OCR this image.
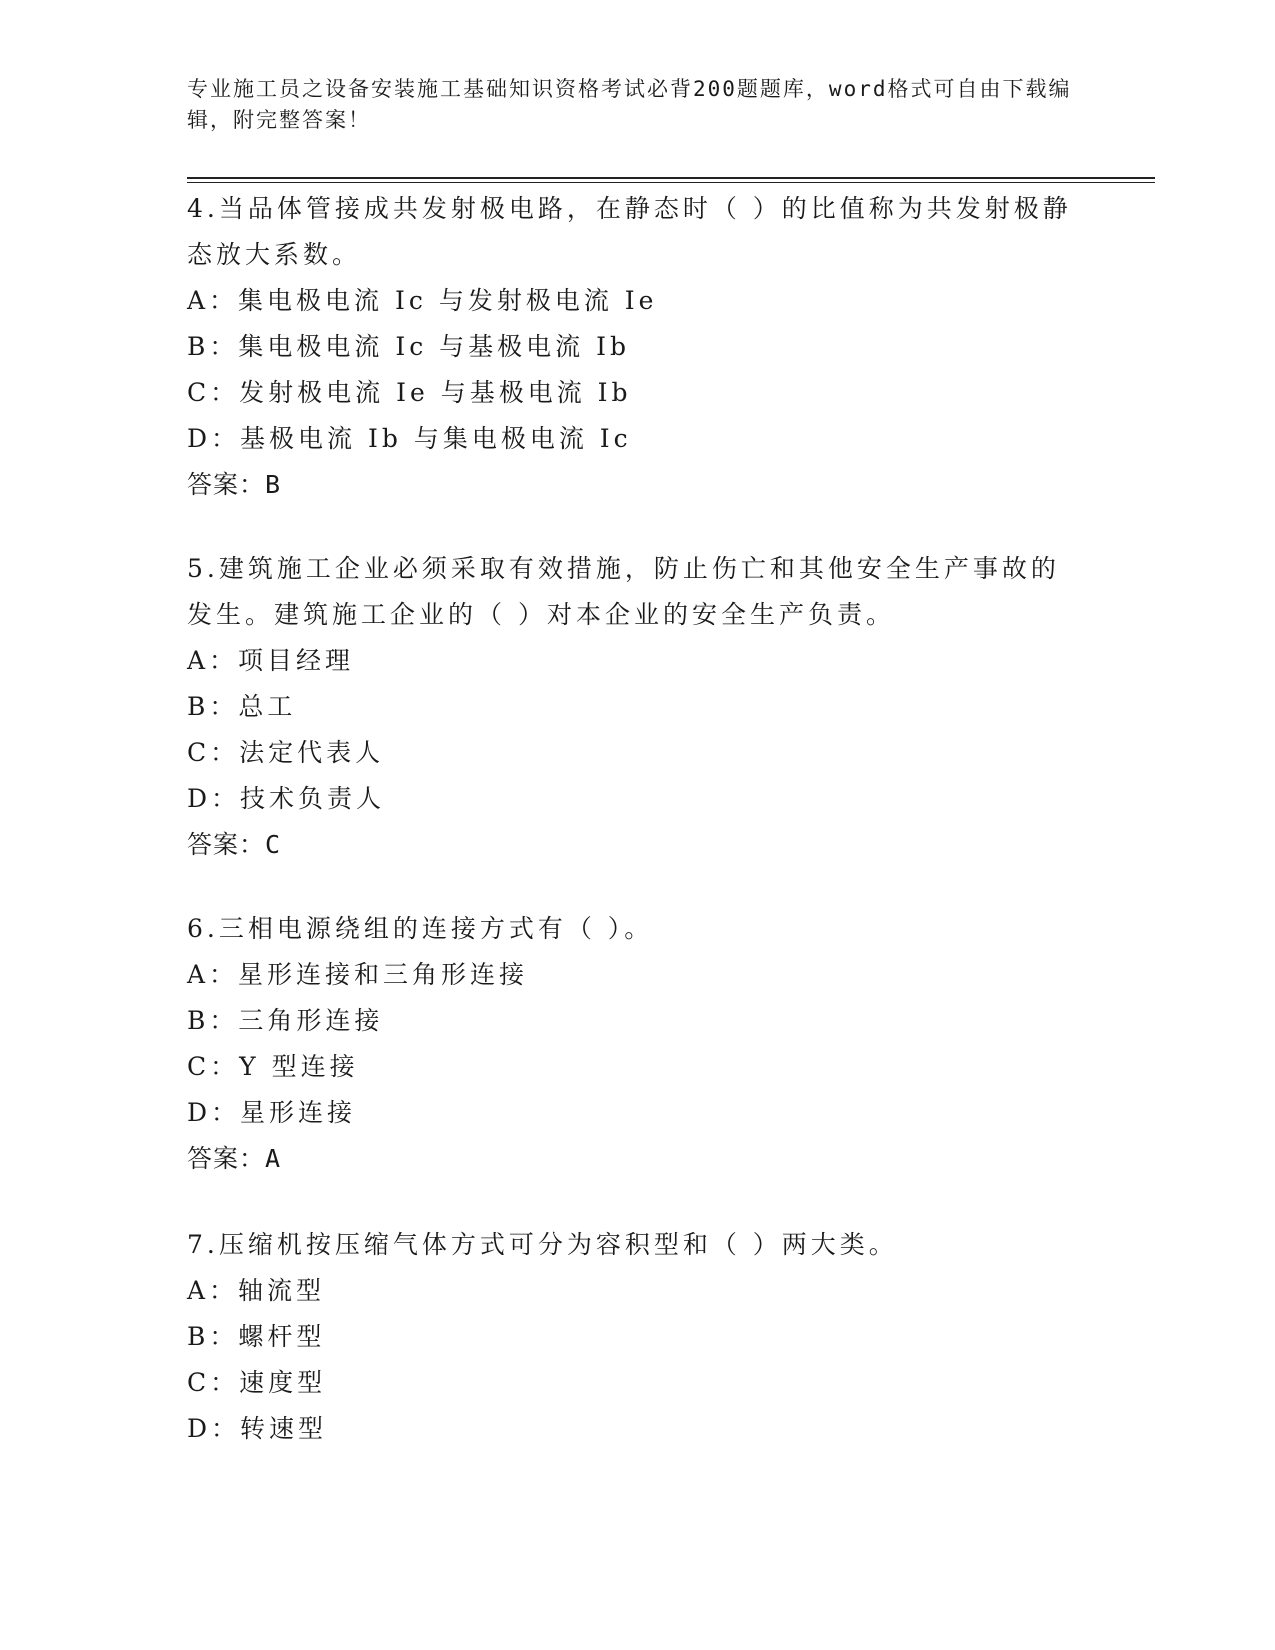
专业施工员之设备安装施工基础知识资格考试必背200题题库，word格式可自由下载编辑，附完整答案！

4.当品体管接成共发射极电路，在静态时（ ）的比值称为共发射极静态放大系数。

A：集电极电流 Ic 与发射极电流 Ie

B：集电极电流 Ic 与基极电流 Ib

C：发射极电流 Ie 与基极电流 Ib

D：基极电流 Ib 与集电极电流 Ic

答案：B

5.建筑施工企业必须采取有效措施，防止伤亡和其他安全生产事故的发生。建筑施工企业的（ ）对本企业的安全生产负责。

A：项目经理

B：总工

C：法定代表人

D：技术负责人

答案：C

6.三相电源绕组的连接方式有（ ）。

A：星形连接和三角形连接

B：三角形连接

C：Y 型连接

D：星形连接

答案：A

7.压缩机按压缩气体方式可分为容积型和（ ）两大类。

A：轴流型

B：螺杆型

C：速度型

D：转速型
